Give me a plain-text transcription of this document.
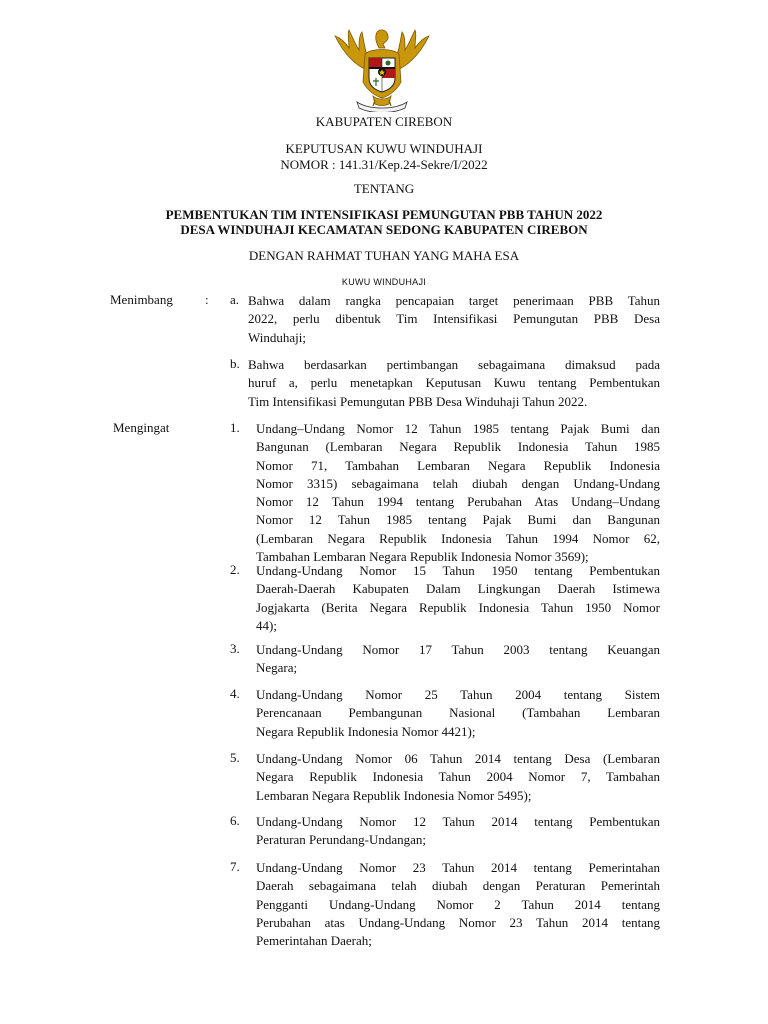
KABUPATEN CIREBON
KEPUTUSAN KUWU WINDUHAJI
NOMOR : 141.31/Kep.24-Sekre/I/2022
TENTANG
PEMBENTUKAN TIM INTENSIFIKASI PEMUNGUTAN PBB TAHUN 2022
DESA WINDUHAJI KECAMATAN SEDONG KABUPATEN CIREBON
DENGAN RAHMAT TUHAN YANG MAHA ESA
KUWU WINDUHAJI
Menimbang : a. Bahwa dalam rangka pencapaian target penerimaan PBB Tahun
2022, perlu dibentuk Tim Intensifikasi Pemungutan PBB Desa
Winduhaji;
b. Bahwa berdasarkan pertimbangan sebagaimana dimaksud pada
huruf a, perlu menetapkan Keputusan Kuwu tentang Pembentukan
Tim Intensifikasi Pemungutan PBB Desa Winduhaji Tahun 2022.
Mengingat	1. Undang–Undang Nomor 12 Tahun 1985 tentang Pajak Bumi dan
Bangunan (Lembaran Negara Republik Indonesia Tahun 1985
Nomor 71, Tambahan Lembaran Negara Republik Indonesia
Nomor 3315) sebagaimana telah diubah dengan Undang-Undang
Nomor 12 Tahun 1994 tentang Perubahan Atas Undang–Undang
Nomor 12 Tahun 1985 tentang Pajak Bumi dan Bangunan
(Lembaran Negara Republik Indonesia Tahun 1994 Nomor 62,
Tambahan Lembaran Negara Republik Indonesia Nomor 3569);
2. Undang-Undang Nomor 15 Tahun 1950 tentang Pembentukan
Daerah-Daerah Kabupaten Dalam Lingkungan Daerah Istimewa
Jogjakarta (Berita Negara Republik Indonesia Tahun 1950 Nomor
44);
3. Undang-Undang Nomor 17 Tahun 2003 tentang Keuangan
Negara;
4. Undang-Undang Nomor 25 Tahun 2004 tentang Sistem
Perencanaan Pembangunan Nasional (Tambahan Lembaran
Negara Republik Indonesia Nomor 4421);
5. Undang-Undang Nomor 06 Tahun 2014 tentang Desa (Lembaran
Negara Republik Indonesia Tahun 2004 Nomor 7, Tambahan
Lembaran Negara Republik Indonesia Nomor 5495);
6. Undang-Undang Nomor 12 Tahun 2014 tentang Pembentukan
Peraturan Perundang-Undangan;
7. Undang-Undang Nomor 23 Tahun 2014 tentang Pemerintahan
Daerah sebagaimana telah diubah dengan Peraturan Pemerintah
Pengganti Undang-Undang Nomor 2 Tahun 2014 tentang
Perubahan atas Undang-Undang Nomor 23 Tahun 2014 tentang
Pemerintahan Daerah;
